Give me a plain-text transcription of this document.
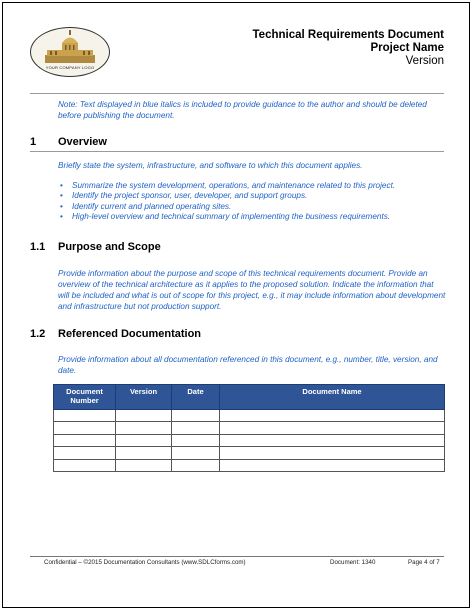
YOUR COMPANY LOGO
Technical Requirements Document
Project Name
Version
Note: Text displayed in blue italics is included to provide guidance to the author and should be deleted before publishing the document.
1 Overview
Briefly state the system, infrastructure, and software to which this document applies.
• Summarize the system development, operations, and maintenance related to this project.
• Identify the project sponsor, user, developer, and support groups.
• Identify current and planned operating sites.
• High-level overview and technical summary of implementing the business requirements.
1.1 Purpose and Scope
Provide information about the purpose and scope of this technical requirements document. Provide an overview of the technical architecture as it applies to the proposed solution. Indicate the information that will be included and what is out of scope for this project, e.g., it may include information about development and infrastructure but not production support.
1.2 Referenced Documentation
Provide information about all documentation referenced in this document, e.g., number, title, version, and date.
Document Number	Version	Date	Document Name

Confidential – ©2015 Documentation Consultants (www.SDLCforms.com)	Document: 1340	Page 4 of 7
